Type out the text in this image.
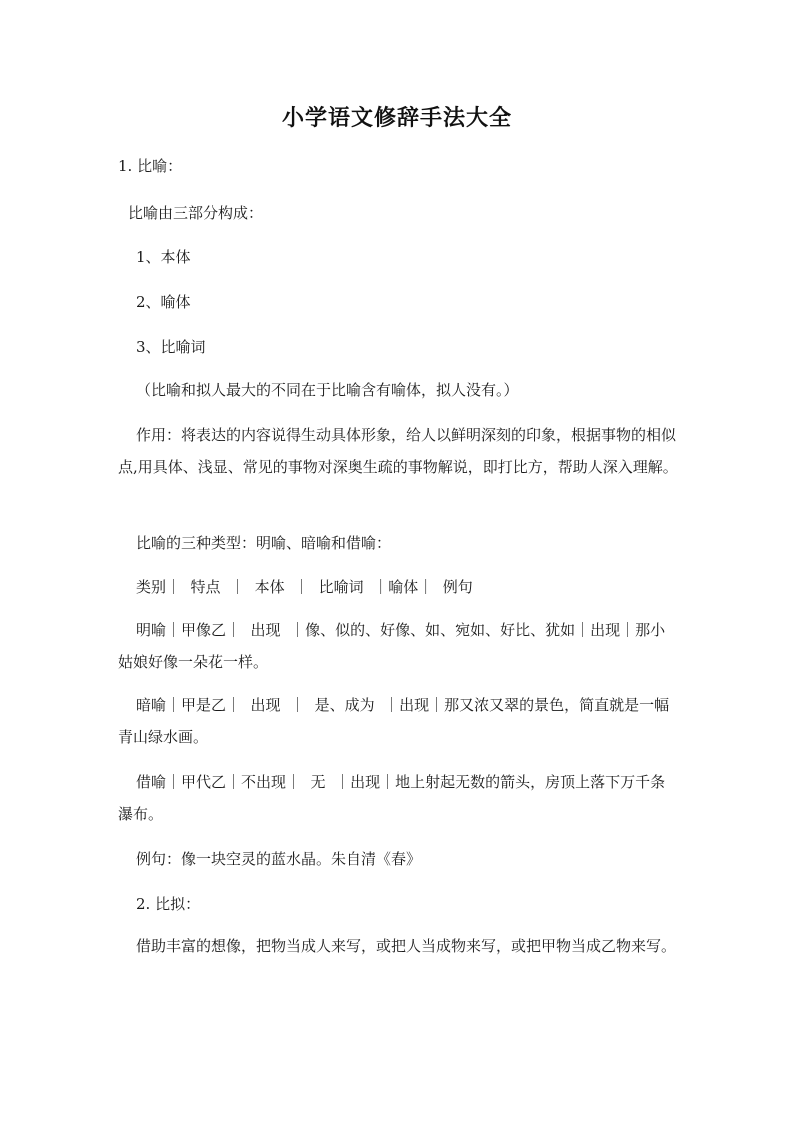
小学语文修辞手法大全
1. 比喻：
比喻由三部分构成：
1、本体
2、喻体
3、比喻词
（比喻和拟人最大的不同在于比喻含有喻体，拟人没有。）
作用：将表达的内容说得生动具体形象，给人以鲜明深刻的印象，根据事物的相似点,用具体、浅显、常见的事物对深奥生疏的事物解说，即打比方，帮助人深入理解。
比喻的三种类型：明喻、暗喻和借喻：
类别｜  特点  ｜  本体  ｜  比喻词  ｜喻体｜  例句
明喻｜甲像乙｜  出现  ｜像、似的、好像、如、宛如、好比、犹如｜出现｜那小姑娘好像一朵花一样。
暗喻｜甲是乙｜  出现  ｜  是、成为  ｜出现｜那又浓又翠的景色，简直就是一幅青山绿水画。
借喻｜甲代乙｜不出现｜  无  ｜出现｜地上射起无数的箭头，房顶上落下万千条瀑布。
例句：像一块空灵的蓝水晶。朱自清《春》
2. 比拟：
借助丰富的想像，把物当成人来写，或把人当成物来写，或把甲物当成乙物来写。
